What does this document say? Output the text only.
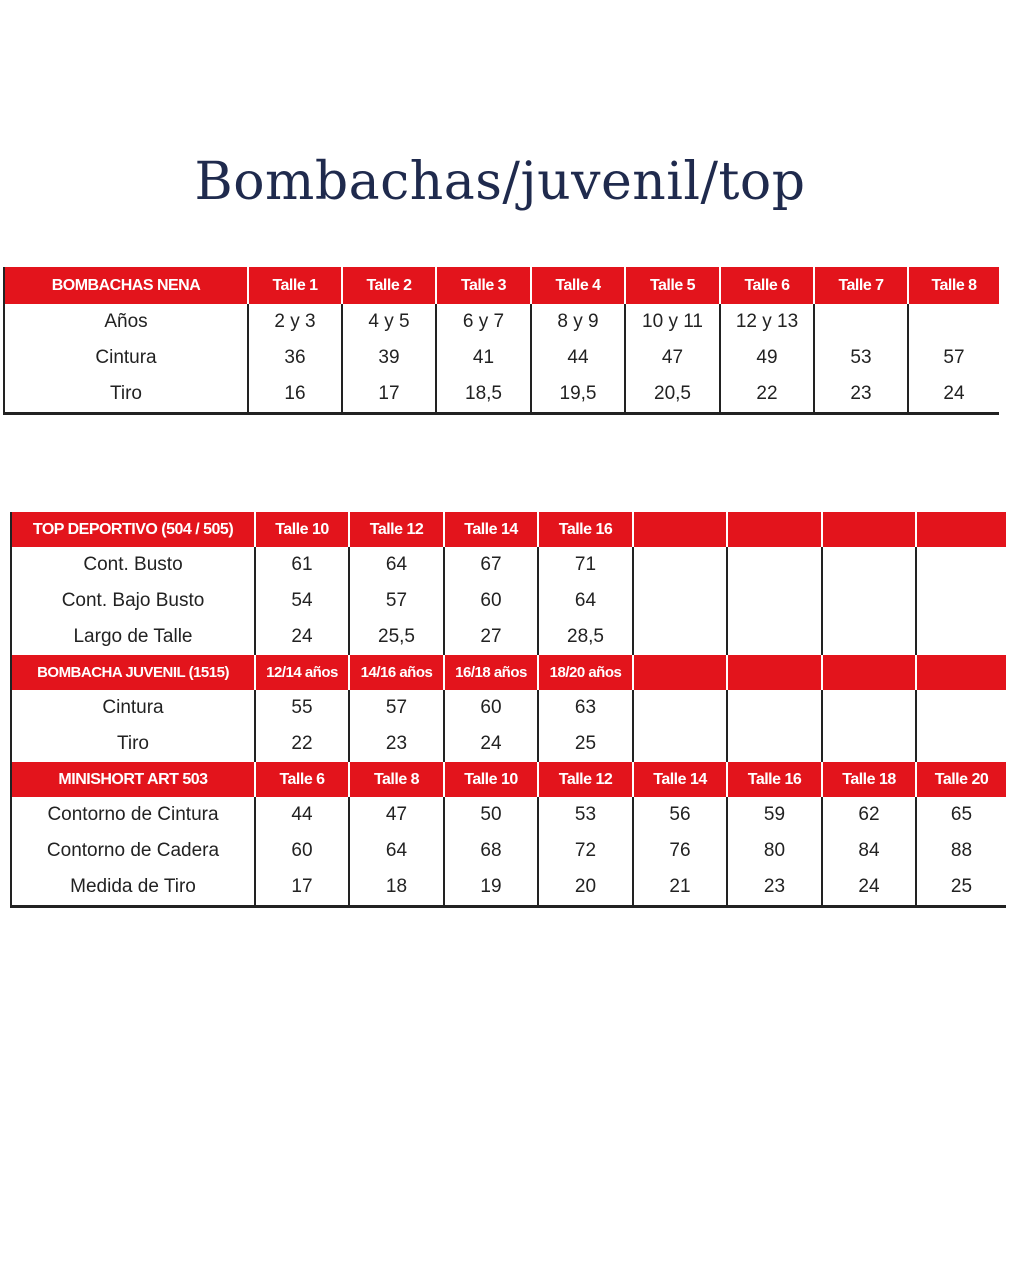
Bombachas/juvenil/top
BOMBACHAS NENA	Talle 1	Talle 2	Talle 3	Talle 4	Talle 5	Talle 6	Talle 7	Talle 8
Años	2 y 3	4 y 5	6 y 7	8 y 9	10 y 11	12 y 13		
Cintura	36	39	41	44	47	49	53	57
Tiro	16	17	18,5	19,5	20,5	22	23	24
TOP DEPORTIVO (504 / 505)	Talle 10	Talle 12	Talle 14	Talle 16				
Cont. Busto	61	64	67	71				
Cont. Bajo Busto	54	57	60	64				
Largo de Talle	24	25,5	27	28,5				
BOMBACHA JUVENIL (1515)	12/14 años	14/16 años	16/18 años	18/20 años				
Cintura	55	57	60	63				
Tiro	22	23	24	25				
MINISHORT ART 503	Talle 6	Talle 8	Talle 10	Talle 12	Talle 14	Talle 16	Talle 18	Talle 20
Contorno de Cintura	44	47	50	53	56	59	62	65
Contorno de Cadera	60	64	68	72	76	80	84	88
Medida de Tiro	17	18	19	20	21	23	24	25
